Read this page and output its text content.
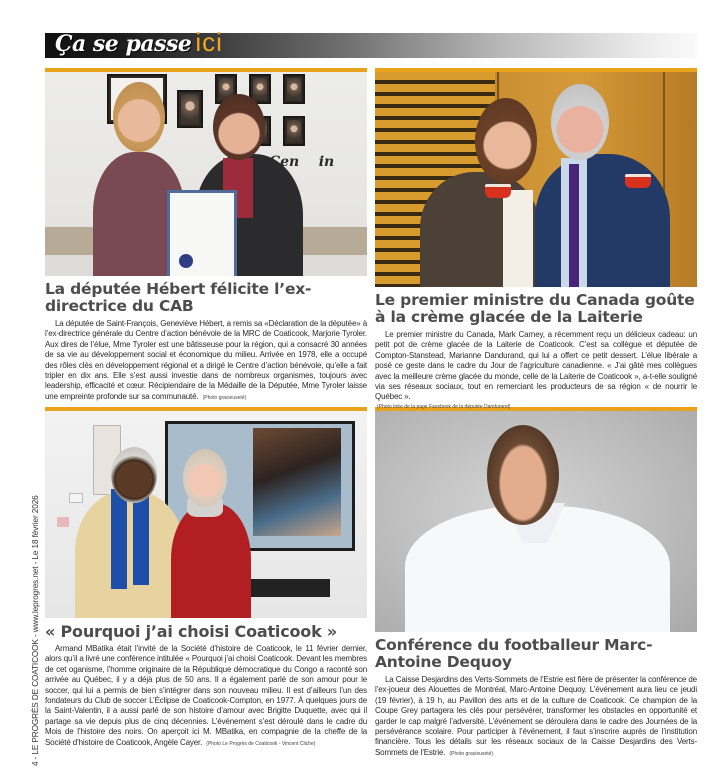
Ça se passe ici
Cen    in
La députée Hébert félicite l’ex-directrice du CAB

La députée de Saint-François, Geneviève Hébert, a remis sa «Déclaration de la députée» à l’ex-directrice générale du Centre d’action bénévole de la MRC de Coaticook, Marjorie Tyroler. Aux dires de l’élue, Mme Tyroler est une bâtisseuse pour la région, qui a consacré 30 années de sa vie au développement social et économique du milieu. Arrivée en 1978, elle a occupé des rôles clés en développement régional et a dirigé le Centre d’action bénévole, qu’elle a fait tripler en dix ans. Elle s’est aussi investie dans de nombreux organismes, toujours avec leadership, efficacité et cœur. Récipiendaire de la Médaille de la Députée, Mme Tyroler laisse une empreinte profonde sur sa communauté. (Photo gracieuseté)

Le premier ministre du Canada goûte à la crème glacée de la Laiterie

Le premier ministre du Canada, Mark Carney, a récemment reçu un délicieux cadeau: un petit pot de crème glacée de la Laiterie de Coaticook. C’est sa collègue et députée de Compton-Stanstead, Marianne Dandurand, qui lui a offert ce petit dessert. L’élue libérale a posé ce geste dans le cadre du Jour de l’agriculture canadienne. « J’ai gâté mes collègues avec la meilleure crème glacée du monde, celle de la Laiterie de Coaticook », a-t-elle souligné via ses réseaux sociaux, tout en remerciant les producteurs de sa région « de nourrir le Québec ».

(Photo tirée de la page Facebook de la députée Dandurand)

« Pourquoi j’ai choisi Coaticook »

Armand MBatika était l’invité de la Société d’histoire de Coaticook, le 11 février dernier, alors qu’il a livré une conférence intitulée « Pourquoi j’ai choisi Coaticook. Devant les membres de cet oganisme, l’homme originaire de la République démocratique du Congo a raconté son arrivée au Québec, il y a déjà plus de 50 ans. Il a également parlé de son amour pour le soccer, qui lui a permis de bien s’intégrer dans son nouveau milieu. Il est d’ailleurs l’un des fondateurs du Club de soccer L’Éclipse de Coaticook-Compton, en 1977. À quelques jours de la Saint-Valentin, il a aussi parlé de son histoire d’amour avec Brigitte Duquette, avec qui il partage sa vie depuis plus de cinq décennies. L’événement s’est déroulé dans le cadre du Mois de l’histoire des noirs. On aperçoit ici M. MBatika, en compagnie de la cheffe de la Société d’histoire de Coaticook, Angèle Cayer. (Photo Le Progrès de Coaticook - Vincent Cliche)

Conférence du footballeur Marc-Antoine Dequoy

La Caisse Desjardins des Verts-Sommets de l’Estrie est fière de présenter la conférence de l’ex-joueur des Alouettes de Montréal, Marc-Antoine Dequoy. L’événement aura lieu ce jeudi (19 février), à 19 h, au Pavillon des arts et de la culture de Coaticook. Ce champion de la Coupe Grey partagera les clés pour persévérer, transformer les obstacles en opportunité et garder le cap malgré l’adversité. L’événement se déroulera dans le cadre des Journées de la persévérance scolaire. Pour participer à l’événement, il faut s’inscrire auprès de l’institution financière. Tous les détails sur les réseaux sociaux de la Caisse Desjardins des Verts-Sommets de l’Estrie. (Photo gracieuseté)

4 - LE PROGRÈS DE COATICOOK - www.leprogres.net - Le 18 février 2026
